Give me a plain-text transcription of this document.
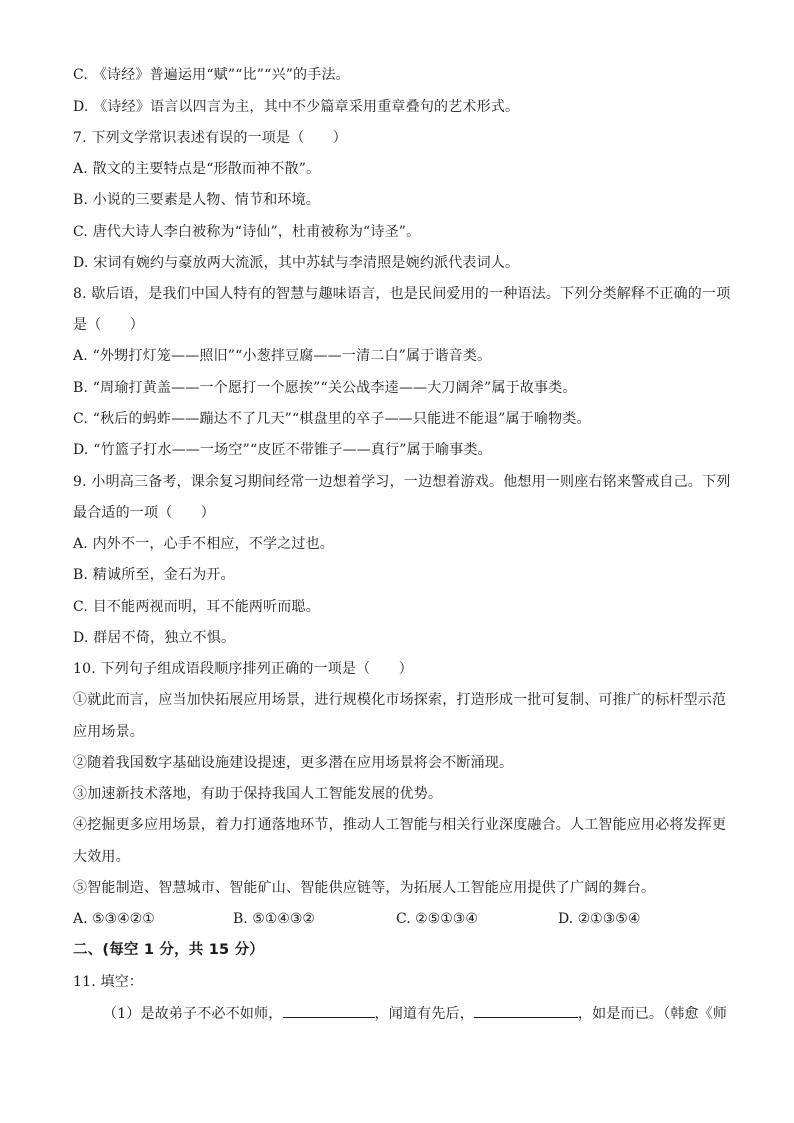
C. 《诗经》普遍运用“赋”“比”“兴”的手法。
D. 《诗经》语言以四言为主，其中不少篇章采用重章叠句的艺术形式。
7. 下列文学常识表述有误的一项是（　　）
A. 散文的主要特点是“形散而神不散”。
B. 小说的三要素是人物、情节和环境。
C. 唐代大诗人李白被称为“诗仙”，杜甫被称为“诗圣”。
D. 宋词有婉约与豪放两大流派，其中苏轼与李清照是婉约派代表词人。
8. 歇后语，是我们中国人特有的智慧与趣味语言，也是民间爱用的一种语法。下列分类解释不正确的一项
是（　　）
A. “外甥打灯笼——照旧”“小葱拌豆腐——一清二白”属于谐音类。
B. “周瑜打黄盖——一个愿打一个愿挨”“关公战李逵——大刀阔斧”属于故事类。
C. “秋后的蚂蚱——蹦达不了几天”“棋盘里的卒子——只能进不能退”属于喻物类。
D. “竹篮子打水——一场空”“皮匠不带锥子——真行”属于喻事类。
9. 小明高三备考，课余复习期间经常一边想着学习，一边想着游戏。他想用一则座右铭来警戒自己。下列
最合适的一项（　　）
A. 内外不一，心手不相应，不学之过也。
B. 精诚所至，金石为开。
C. 目不能两视而明，耳不能两听而聪。
D. 群居不倚，独立不惧。
10. 下列句子组成语段顺序排列正确的一项是（　　）
①就此而言，应当加快拓展应用场景，进行规模化市场探索，打造形成一批可复制、可推广的标杆型示范
应用场景。
②随着我国数字基础设施建设提速，更多潜在应用场景将会不断涌现。
③加速新技术落地，有助于保持我国人工智能发展的优势。
④挖掘更多应用场景，着力打通落地环节，推动人工智能与相关行业深度融合。人工智能应用必将发挥更
大效用。
⑤智能制造、智慧城市、智能矿山、智能供应链等，为拓展人工智能应用提供了广阔的舞台。
A. ⑤③④②①	B. ⑤①④③②	C. ②⑤①③④	D. ②①③⑤④
二、(每空 1 分，共 15 分）
11. 填空：
（1）是故弟子不必不如师，	，闻道有先后，	，如是而已。（韩愈《师
